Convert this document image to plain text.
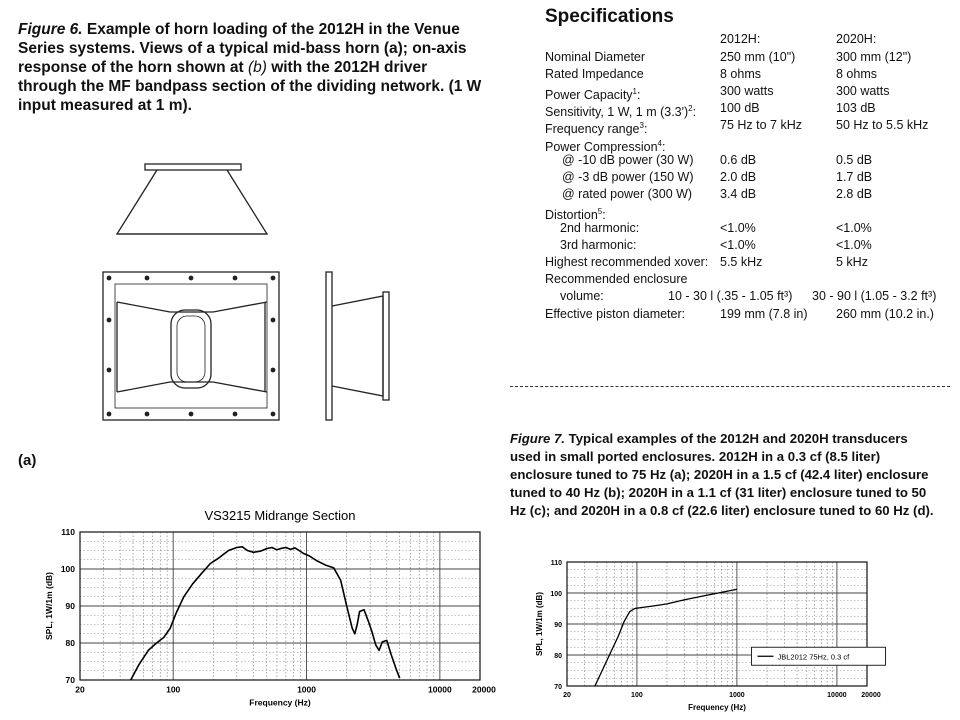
Figure 6. Example of horn loading of the 2012H in the Venue Series systems. Views of a typical mid-bass horn (a); on-axis response of the horn shown at (b) with the 2012H driver through the MF bandpass section of the dividing network. (1 W input measured at 1 m).
(a)
Specifications
2012H:	2020H:
Nominal Diameter	250 mm (10")	300 mm (12")
Rated Impedance	8 ohms	8 ohms
Power Capacity$^1$:	300 watts	300 watts
Sensitivity, 1 W, 1 m $(3.3')^2$: 100 dB	103 dB
Frequency range$^3$:	75 Hz to 7 kHz	50 Hz to 5.5 kHz
Power Compression$^4$:
@ -10 dB power (30 W) 0.6 dB	0.5 dB
@ -3 dB power (150 W) 2.0 dB	1.7 dB
@ rated power (300 W) 3.4 dB	2.8 dB
Distortion$^5$:
2nd harmonic:	<1.0%	<1.0%
3rd harmonic:	<1.0%	<1.0%
Highest recommended xover: 5.5 kHz	5 kHz
Recommended enclosure
volume:	10 - 30 l (.35 - 1.05 ft³) 30 - 90 l (1.05 - 3.2 ft³)
Effective piston diameter:	199 mm (7.8 in) 260 mm (10.2 in.)
Figure 7. Typical examples of the 2012H and 2020H transducers used in small ported enclosures. 2012H in a 0.3 cf (8.5 liter) enclosure tuned to 75 Hz (a); 2020H in a 1.5 cf (42.4 liter) enclosure tuned to 40 Hz (b); 2020H in a 1.1 cf (31 liter) enclosure tuned to 50 Hz (c); and 2020H in a 0.8 cf (22.6 liter) enclosure tuned to 60 Hz (d).
VS3215 Midrange Section
70
80
90
100
110
20	100	1000	10000 20000
Frequency (Hz)
SPL, 1W/1m (dB)
70
80
90
100
110
20	100	1000	10000 20000
Frequency (Hz)
SPL, 1W/1m (dB)
JBL2012 75Hz, 0.3 cf
